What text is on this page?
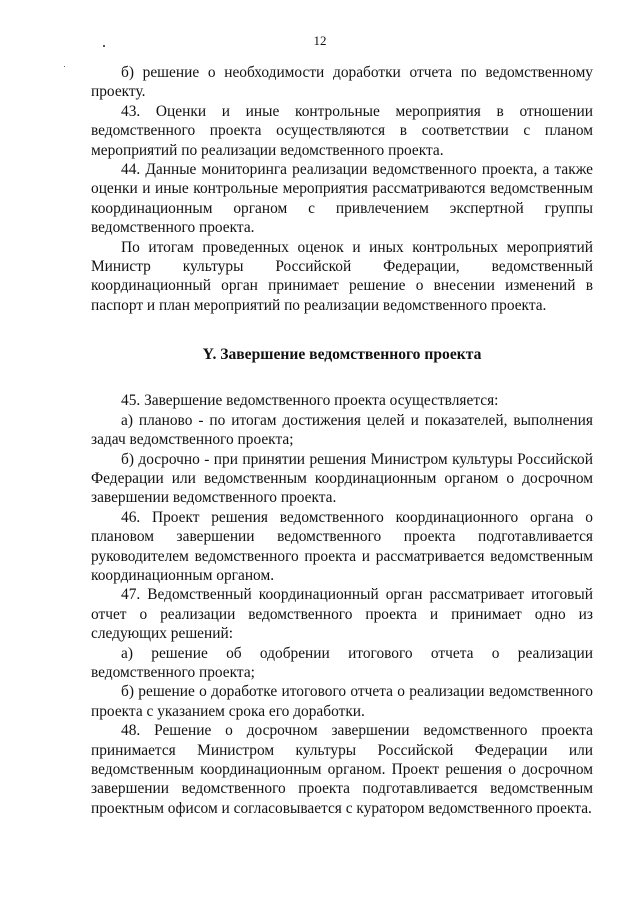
12

б) решение о необходимости доработки отчета по ведомственному проекту.

43. Оценки и иные контрольные мероприятия в отношении ведомственного проекта осуществляются в соответствии с планом мероприятий по реализации ведомственного проекта.

44. Данные мониторинга реализации ведомственного проекта, а также оценки и иные контрольные мероприятия рассматриваются ведомственным координационным органом с привлечением экспертной группы ведомственного проекта.

По итогам проведенных оценок и иных контрольных мероприятий Министр культуры Российской Федерации, ведомственный координационный орган принимает решение о внесении изменений в паспорт и план мероприятий по реализации ведомственного проекта.

Y. Завершение ведомственного проекта

45. Завершение ведомственного проекта осуществляется:

а) планово - по итогам достижения целей и показателей, выполнения задач ведомственного проекта;

б) досрочно - при принятии решения Министром культуры Российской Федерации или ведомственным координационным органом о досрочном завершении ведомственного проекта.

46. Проект решения ведомственного координационного органа о плановом завершении ведомственного проекта подготавливается руководителем ведомственного проекта и рассматривается ведомственным координационным органом.

47. Ведомственный координационный орган рассматривает итоговый отчет о реализации ведомственного проекта и принимает одно из следующих решений:

а) решение об одобрении итогового отчета о реализации ведомственного проекта;

б) решение о доработке итогового отчета о реализации ведомственного проекта с указанием срока его доработки.

48. Решение о досрочном завершении ведомственного проекта принимается Министром культуры Российской Федерации или ведомственным координационным органом. Проект решения о досрочном завершении ведомственного проекта подготавливается ведомственным проектным офисом и согласовывается с куратором ведомственного проекта.
